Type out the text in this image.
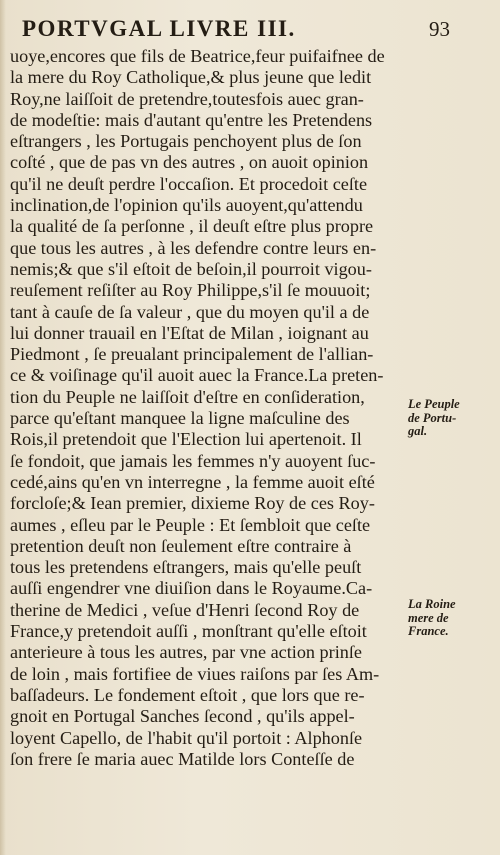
PORTVGAL LIVRE III.	93
uoye,encores que fils de Beatrice,feur puifaifnee de
la mere du Roy Catholique,& plus jeune que ledit
Roy,ne laiſſoit de pretendre,toutesfois auec gran-
de modeſtie: mais d'autant qu'entre les Pretendens
eſtrangers , les Portugais penchoyent plus de ſon
coſté , que de pas vn des autres , on auoit opinion
qu'il ne deuſt perdre l'occaſion. Et procedoit ceſte
inclination,de l'opinion qu'ils auoyent,qu'attendu
la qualité de ſa perſonne , il deuſt eſtre plus propre
que tous les autres , à les defendre contre leurs en-
nemis;& que s'il eſtoit de beſoin,il pourroit vigou-
reuſement reſiſter au Roy Philippe,s'il ſe mouuoit;
tant à cauſe de ſa valeur , que du moyen qu'il a de
lui donner trauail en l'Eſtat de Milan , ioignant au
Piedmont , ſe preualant principalement de l'allian-
ce & voiſinage qu'il auoit auec la France.La preten-
tion du Peuple ne laiſſoit d'eſtre en conſideration,
parce qu'eſtant manquee la ligne maſculine des
Rois,il pretendoit que l'Election lui apertenoit. Il
ſe fondoit, que jamais les femmes n'y auoyent ſuc-
cedé,ains qu'en vn interregne , la femme auoit eſté
forcloſe;& Iean premier, dixieme Roy de ces Roy-
aumes , eſleu par le Peuple : Et ſembloit que ceſte
pretention deuſt non ſeulement eſtre contraire à
tous les pretendens eſtrangers, mais qu'elle peuſt
auſſi engendrer vne diuiſion dans le Royaume.Ca-
therine de Medici , veſue d'Henri ſecond Roy de
France,y pretendoit auſſi , monſtrant qu'elle eſtoit
anterieure à tous les autres, par vne action prinſe
de loin , mais fortifiee de viues raiſons par ſes Am-
baſſadeurs. Le fondement eſtoit , que lors que re-
gnoit en Portugal Sanches ſecond , qu'ils appel-
loyent Capello, de l'habit qu'il portoit : Alphonſe
ſon frere ſe maria auec Matilde lors Conteſſe de
Le Peuple
de Portu-
gal.
La Roine
mere de
France.
